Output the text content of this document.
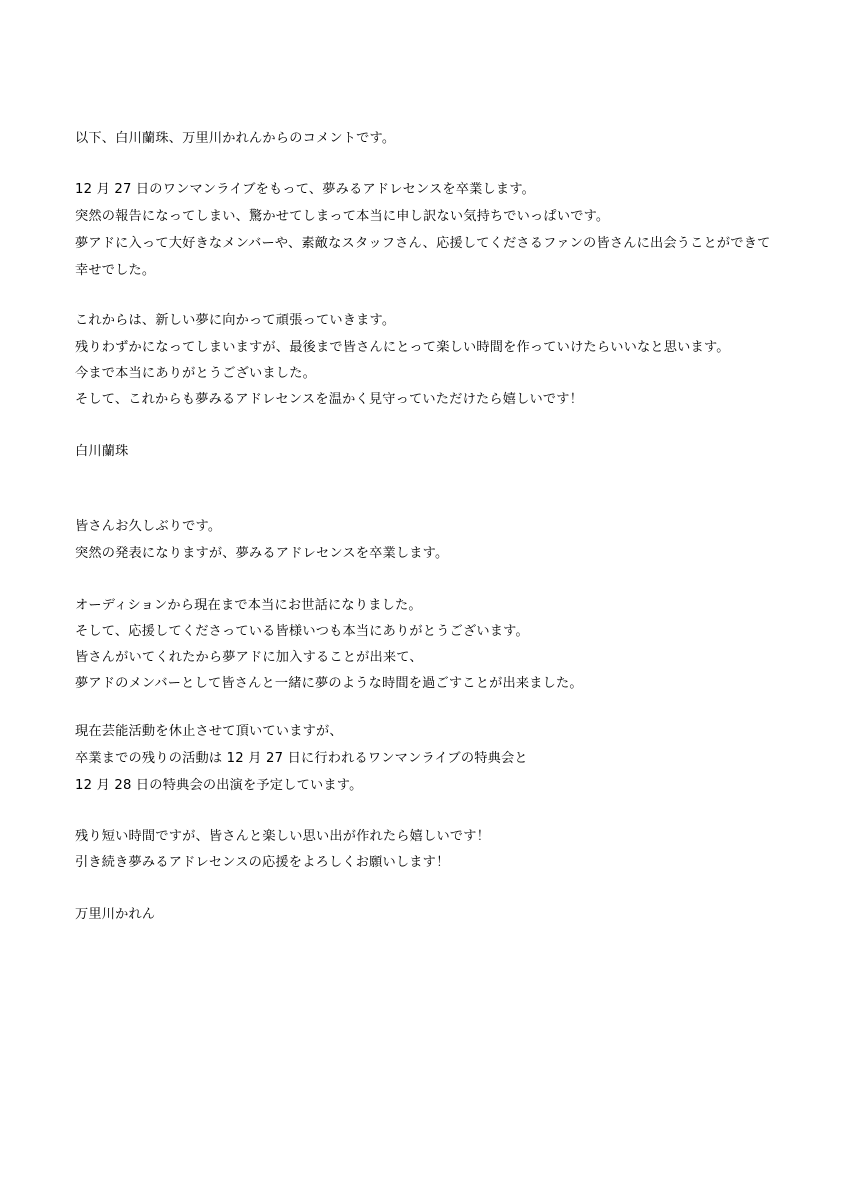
以下、白川蘭珠、万里川かれんからのコメントです。
12 月 27 日のワンマンライブをもって、夢みるアドレセンスを卒業します。
突然の報告になってしまい、驚かせてしまって本当に申し訳ない気持ちでいっぱいです。
夢アドに入って大好きなメンバーや、素敵なスタッフさん、応援してくださるファンの皆さんに出会うことができて
幸せでした。
これからは、新しい夢に向かって頑張っていきます。
残りわずかになってしまいますが、最後まで皆さんにとって楽しい時間を作っていけたらいいなと思います。
今まで本当にありがとうございました。
そして、これからも夢みるアドレセンスを温かく見守っていただけたら嬉しいです！
白川蘭珠
皆さんお久しぶりです。
突然の発表になりますが、夢みるアドレセンスを卒業します。
オーディションから現在まで本当にお世話になりました。
そして、応援してくださっている皆様いつも本当にありがとうございます。
皆さんがいてくれたから夢アドに加入することが出来て、
夢アドのメンバーとして皆さんと一緒に夢のような時間を過ごすことが出来ました。
現在芸能活動を休止させて頂いていますが、
卒業までの残りの活動は 12 月 27 日に行われるワンマンライブの特典会と
12 月 28 日の特典会の出演を予定しています。
残り短い時間ですが、皆さんと楽しい思い出が作れたら嬉しいです！
引き続き夢みるアドレセンスの応援をよろしくお願いします！
万里川かれん
